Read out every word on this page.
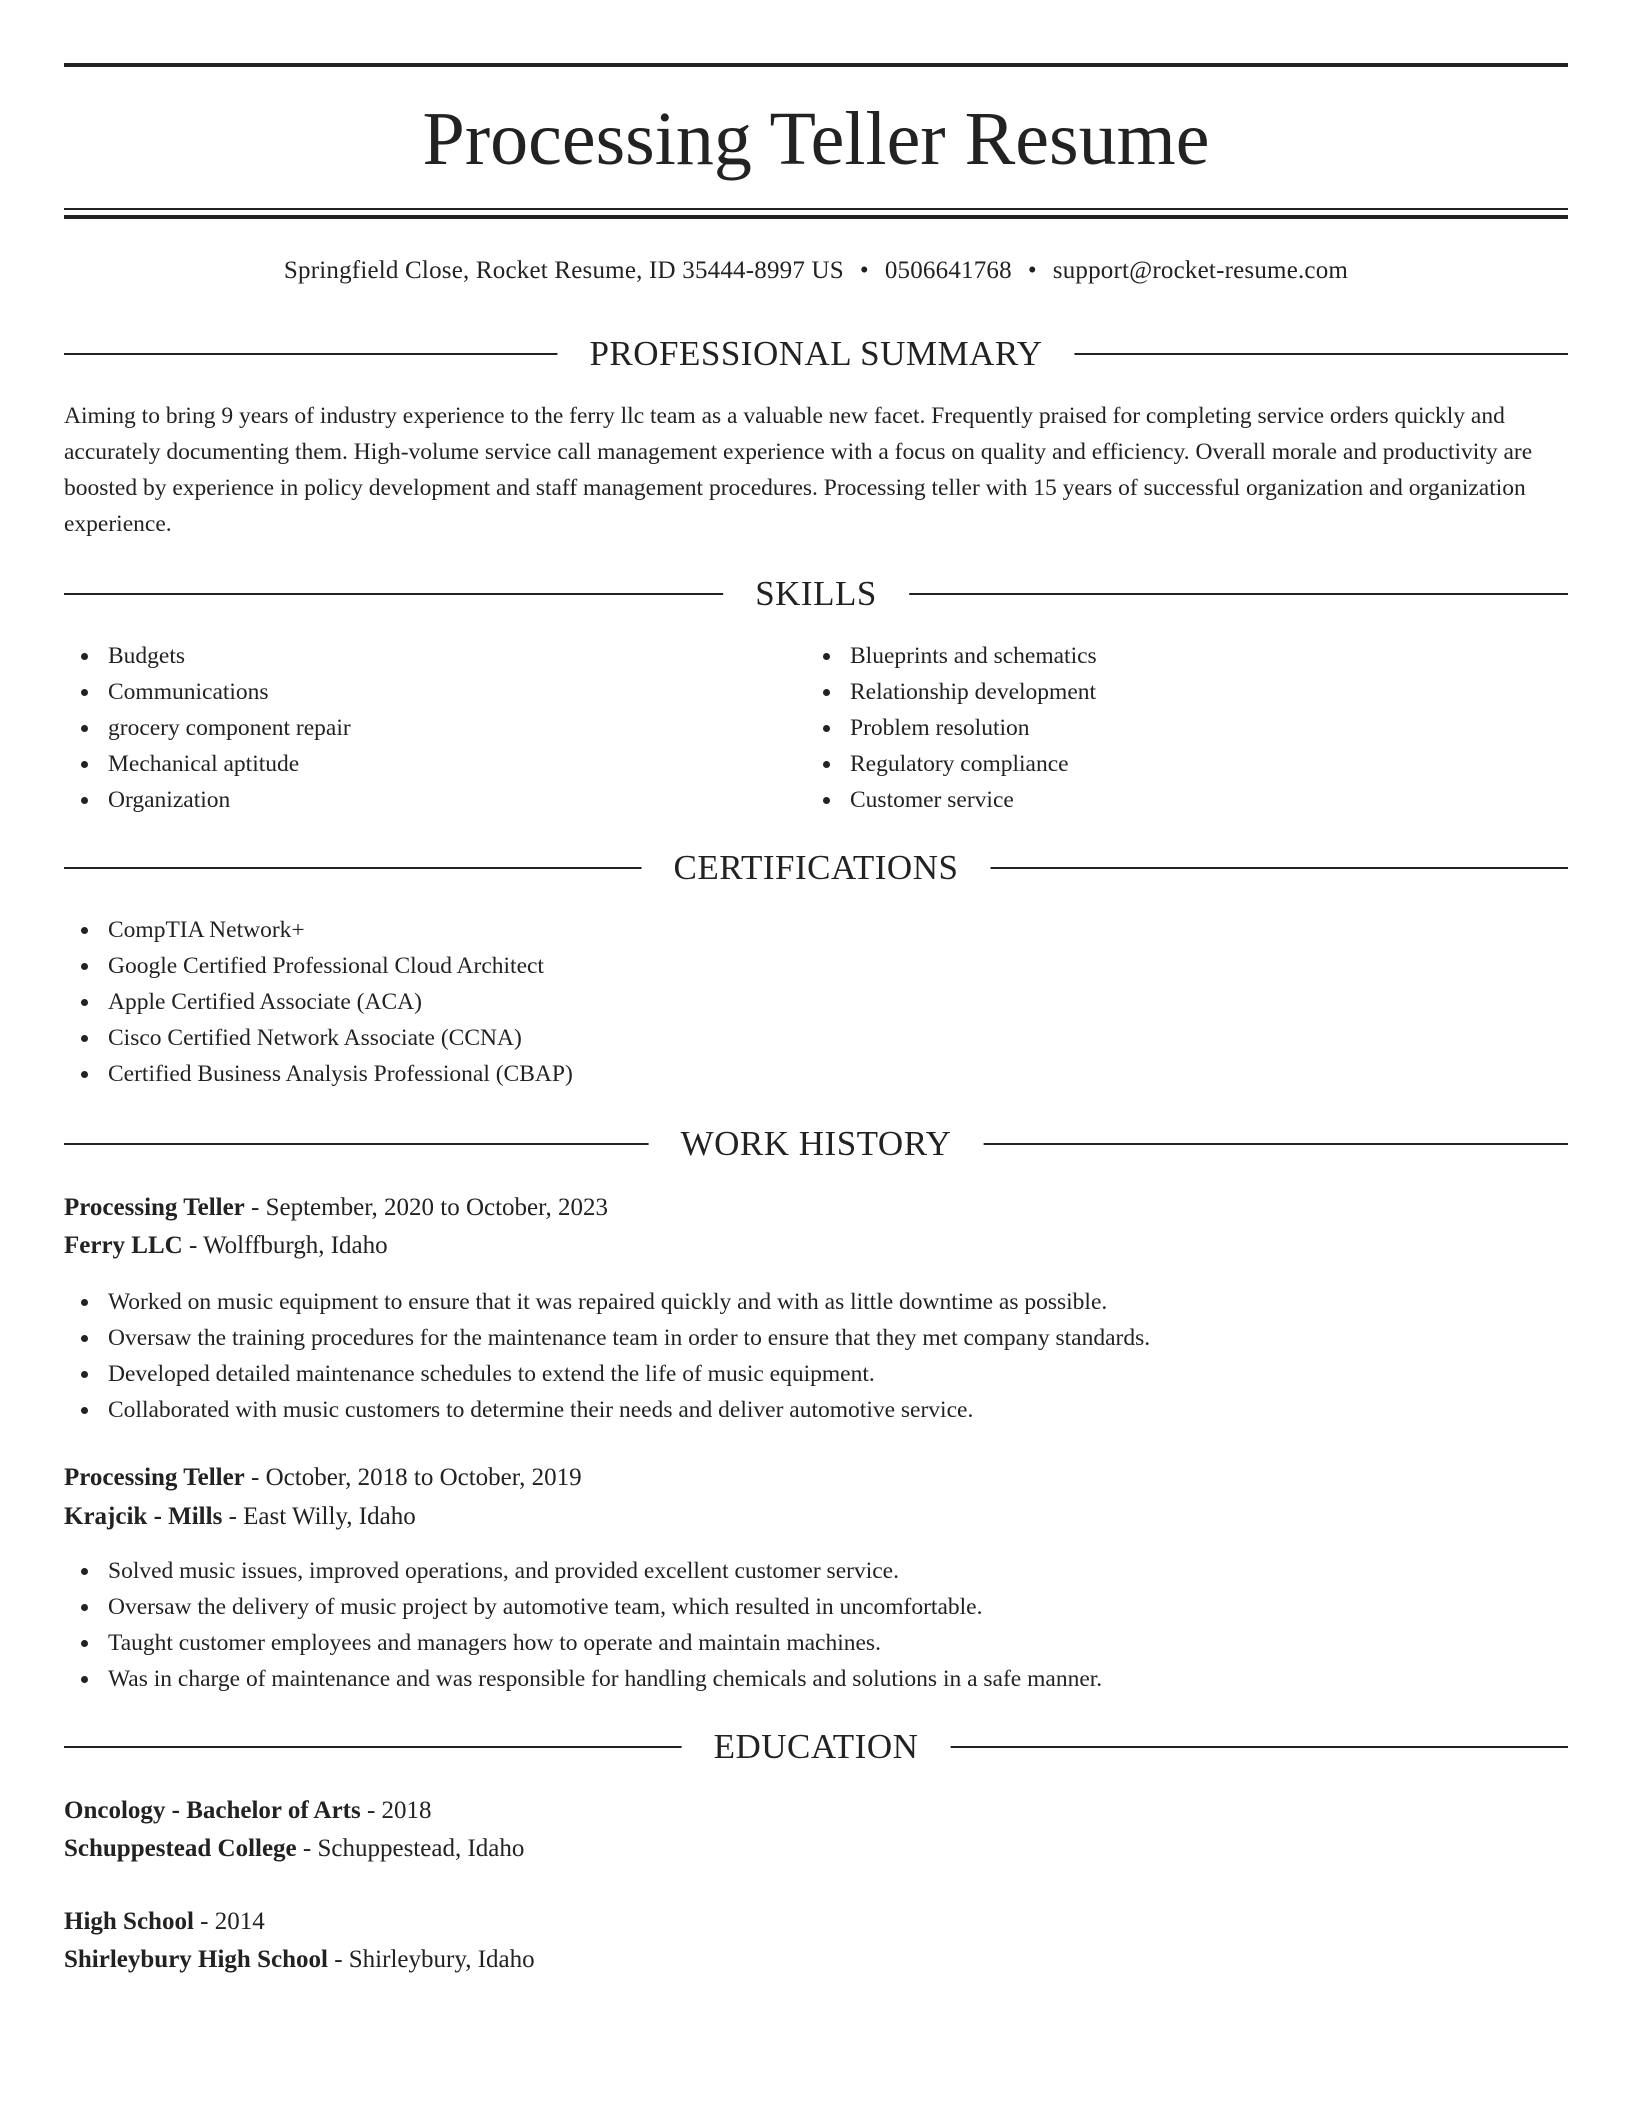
Processing Teller Resume
Springfield Close, Rocket Resume, ID 35444-8997 US • 0506641768 • support@rocket-resume.com
PROFESSIONAL SUMMARY
Aiming to bring 9 years of industry experience to the ferry llc team as a valuable new facet. Frequently praised for completing service orders quickly and accurately documenting them. High-volume service call management experience with a focus on quality and efficiency. Overall morale and productivity are boosted by experience in policy development and staff management procedures. Processing teller with 15 years of successful organization and organization experience.
SKILLS
Budgets
Communications
grocery component repair
Mechanical aptitude
Organization
Blueprints and schematics
Relationship development
Problem resolution
Regulatory compliance
Customer service
CERTIFICATIONS
CompTIA Network+
Google Certified Professional Cloud Architect
Apple Certified Associate (ACA)
Cisco Certified Network Associate (CCNA)
Certified Business Analysis Professional (CBAP)
WORK HISTORY
Processing Teller - September, 2020 to October, 2023
Ferry LLC - Wolffburgh, Idaho
Worked on music equipment to ensure that it was repaired quickly and with as little downtime as possible.
Oversaw the training procedures for the maintenance team in order to ensure that they met company standards.
Developed detailed maintenance schedules to extend the life of music equipment.
Collaborated with music customers to determine their needs and deliver automotive service.
Processing Teller - October, 2018 to October, 2019
Krajcik - Mills - East Willy, Idaho
Solved music issues, improved operations, and provided excellent customer service.
Oversaw the delivery of music project by automotive team, which resulted in uncomfortable.
Taught customer employees and managers how to operate and maintain machines.
Was in charge of maintenance and was responsible for handling chemicals and solutions in a safe manner.
EDUCATION
Oncology - Bachelor of Arts - 2018
Schuppestead College - Schuppestead, Idaho
High School - 2014
Shirleybury High School - Shirleybury, Idaho
